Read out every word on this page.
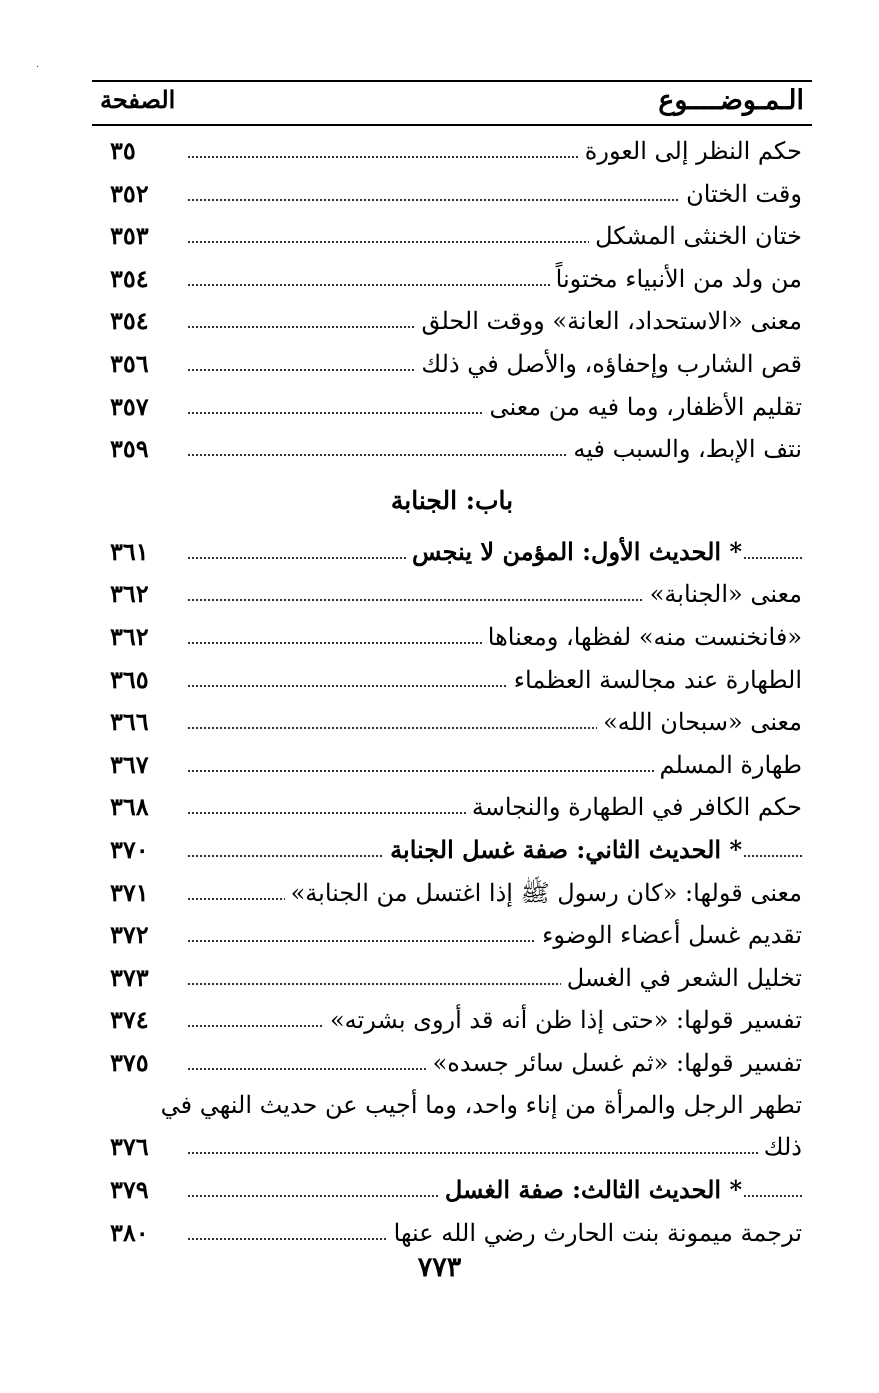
·
الـمـوضــــوع
الصفحة
حكم النظر إلى العورة
٣٥
وقت الختان
٣٥٢
ختان الخنثى المشكل
٣٥٣
من ولد من الأنبياء مختوناً
٣٥٤
معنى «الاستحداد، العانة» ووقت الحلق
٣٥٤
قص الشارب وإحفاؤه، والأصل في ذلك
٣٥٦
تقليم الأظفار، وما فيه من معنى
٣٥٧
نتف الإبط، والسبب فيه
٣٥٩
باب: الجنابة
* الحديث الأول: المؤمن لا ينجس
٣٦١
معنى «الجنابة»
٣٦٢
«فانخنست منه» لفظها، ومعناها
٣٦٢
الطهارة عند مجالسة العظماء
٣٦٥
معنى «سبحان الله»
٣٦٦
طهارة المسلم
٣٦٧
حكم الكافر في الطهارة والنجاسة
٣٦٨
* الحديث الثاني: صفة غسل الجنابة
٣٧٠
معنى قولها: «كان رسول ﷺ إذا اغتسل من الجنابة»
٣٧١
تقديم غسل أعضاء الوضوء
٣٧٢
تخليل الشعر في الغسل
٣٧٣
تفسير قولها: «حتى إذا ظن أنه قد أروى بشرته»
٣٧٤
تفسير قولها: «ثم غسل سائر جسده»
٣٧٥
تطهر الرجل والمرأة من إناء واحد، وما أجيب عن حديث النهي في
ذلك
٣٧٦
* الحديث الثالث: صفة الغسل
٣٧٩
ترجمة ميمونة بنت الحارث رضي الله عنها
٣٨٠
٧٧٣
